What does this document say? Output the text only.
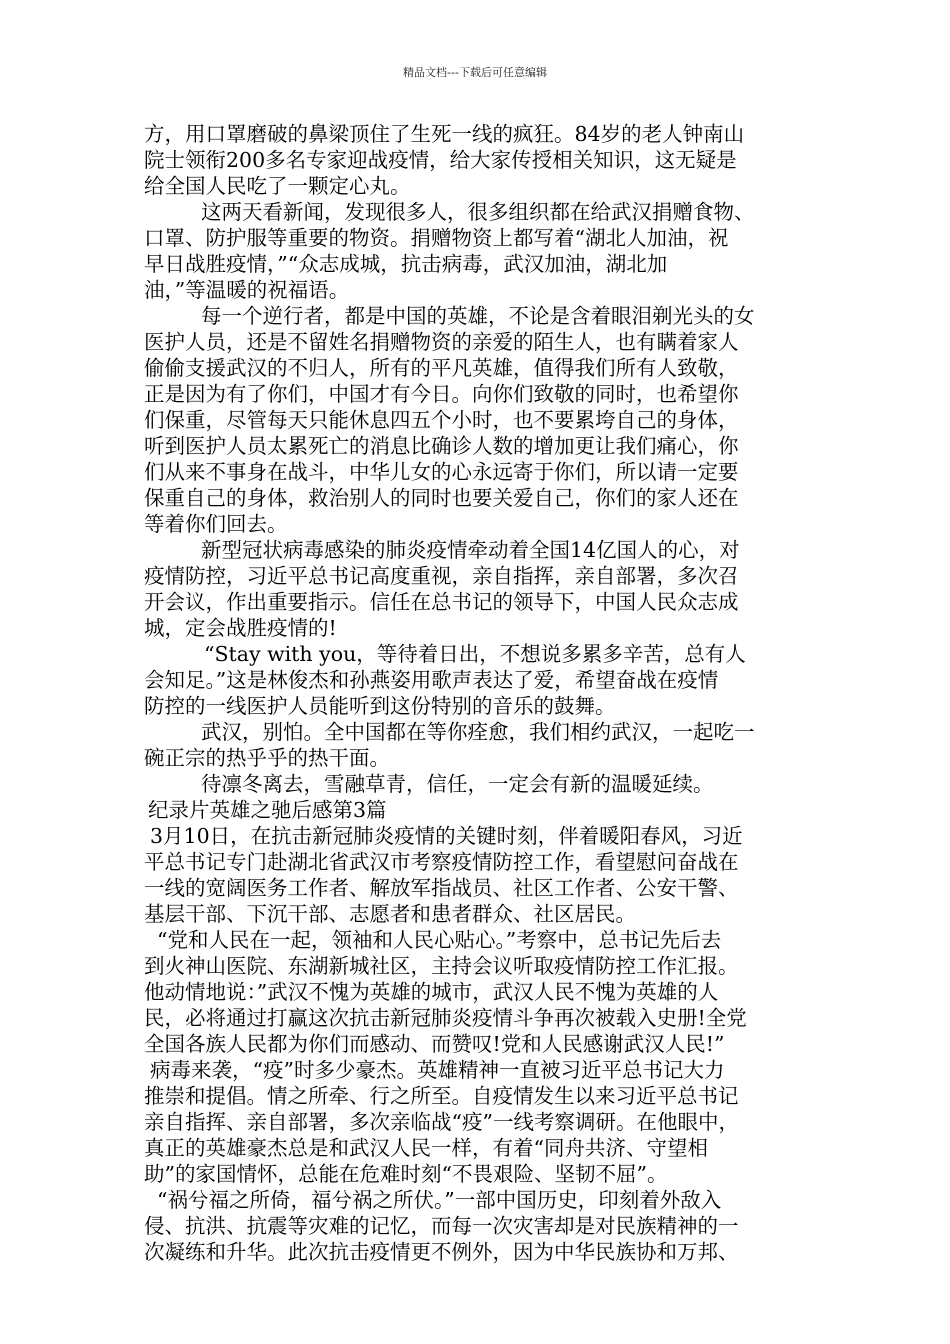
精品文档---下载后可任意编辑
方，用口罩磨破的鼻梁顶住了生死一线的疯狂。84岁的老人钟南山
院士领衔200多名专家迎战疫情，给大家传授相关知识，这无疑是
给全国人民吃了一颗定心丸。
这两天看新闻，发现很多人，很多组织都在给武汉捐赠食物、
口罩、防护服等重要的物资。捐赠物资上都写着“湖北人加油，祝
早日战胜疫情，”“众志成城，抗击病毒，武汉加油，湖北加
油，”等温暖的祝福语。
每一个逆行者，都是中国的英雄，不论是含着眼泪剃光头的女
医护人员，还是不留姓名捐赠物资的亲爱的陌生人，也有瞒着家人
偷偷支援武汉的不归人，所有的平凡英雄，值得我们所有人致敬，
正是因为有了你们，中国才有今日。向你们致敬的同时，也希望你
们保重，尽管每天只能休息四五个小时，也不要累垮自己的身体，
听到医护人员太累死亡的消息比确诊人数的增加更让我们痛心，你
们从来不事身在战斗，中华儿女的心永远寄于你们，所以请一定要
保重自己的身体，救治别人的同时也要关爱自己，你们的家人还在
等着你们回去。
新型冠状病毒感染的肺炎疫情牵动着全国14亿国人的心，对
疫情防控，习近平总书记高度重视，亲自指挥，亲自部署，多次召
开会议，作出重要指示。信任在总书记的领导下，中国人民众志成
城，定会战胜疫情的!
“Stay with you，等待着日出，不想说多累多辛苦，总有人
会知足。”这是林俊杰和孙燕姿用歌声表达了爱，希望奋战在疫情
防控的一线医护人员能听到这份特别的音乐的鼓舞。
武汉，别怕。全中国都在等你痊愈，我们相约武汉，一起吃一
碗正宗的热乎乎的热干面。
待凛冬离去，雪融草青，信任，一定会有新的温暖延续。
纪录片英雄之驰后感第3篇
3月10日，在抗击新冠肺炎疫情的关键时刻，伴着暖阳春风，习近
平总书记专门赴湖北省武汉市考察疫情防控工作，看望慰问奋战在
一线的宽阔医务工作者、解放军指战员、社区工作者、公安干警、
基层干部、下沉干部、志愿者和患者群众、社区居民。
“党和人民在一起，领袖和人民心贴心。”考察中，总书记先后去
到火神山医院、东湖新城社区，主持会议听取疫情防控工作汇报。
他动情地说：”武汉不愧为英雄的城市，武汉人民不愧为英雄的人
民，必将通过打赢这次抗击新冠肺炎疫情斗争再次被载入史册!全党
全国各族人民都为你们而感动、而赞叹!党和人民感谢武汉人民!”
病毒来袭，“疫”时多少豪杰。英雄精神一直被习近平总书记大力
推崇和提倡。情之所牵、行之所至。自疫情发生以来习近平总书记
亲自指挥、亲自部署，多次亲临战“疫”一线考察调研。在他眼中，
真正的英雄豪杰总是和武汉人民一样，有着“同舟共济、守望相
助”的家国情怀，总能在危难时刻“不畏艰险、坚韧不屈”。
“祸兮福之所倚，福兮祸之所伏。”一部中国历史，印刻着外敌入
侵、抗洪、抗震等灾难的记忆，而每一次灾害却是对民族精神的一
次凝练和升华。此次抗击疫情更不例外，因为中华民族协和万邦、
